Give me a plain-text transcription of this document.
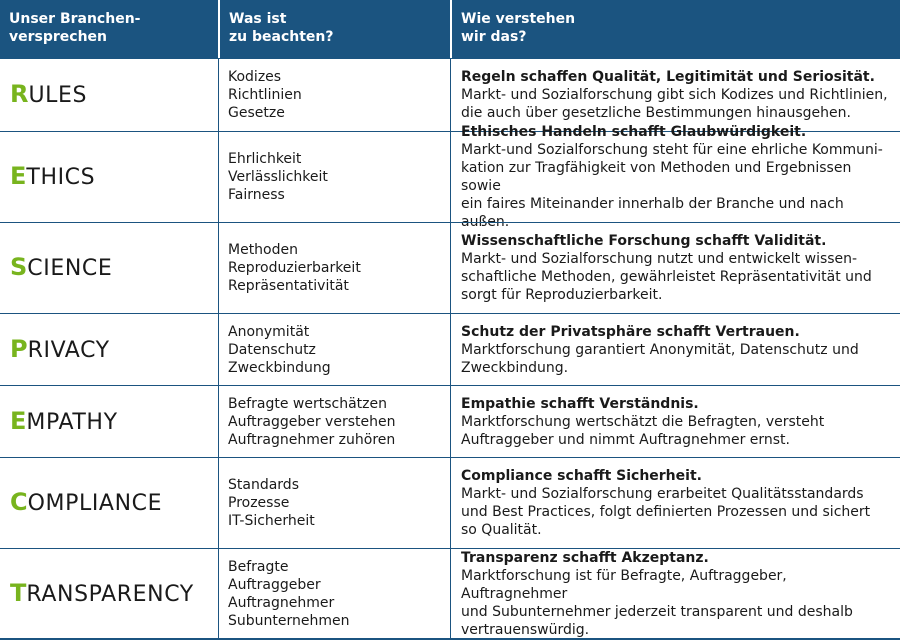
Unser Branchen-
versprechen
Was ist
zu beachten?
Wie verstehen
wir das?
RULES
Kodizes
Richtlinien
Gesetze
Regeln schaffen Qualität, Legitimität und Seriosität.
Markt- und Sozialforschung gibt sich Kodizes und Richtlinien,
die auch über gesetzliche Bestimmungen hinausgehen.
ETHICS
Ehrlichkeit
Verlässlichkeit
Fairness
Ethisches Handeln schafft Glaubwürdigkeit.
Markt-und Sozialforschung steht für eine ehrliche Kommuni-
kation zur Tragfähigkeit von Methoden und Ergebnissen sowie
ein faires Miteinander innerhalb der Branche und nach außen.
SCIENCE
Methoden
Reproduzierbarkeit
Repräsentativität
Wissenschaftliche Forschung schafft Validität.
Markt- und Sozialforschung nutzt und entwickelt wissen-
schaftliche Methoden, gewährleistet Repräsentativität und
sorgt für Reproduzierbarkeit.
PRIVACY
Anonymität
Datenschutz
Zweckbindung
Schutz der Privatsphäre schafft Vertrauen.
Marktforschung garantiert Anonymität, Datenschutz und
Zweckbindung.
EMPATHY
Befragte wertschätzen
Auftraggeber verstehen
Auftragnehmer zuhören
Empathie schafft Verständnis.
Marktforschung wertschätzt die Befragten, versteht
Auftraggeber und nimmt Auftragnehmer ernst.
COMPLIANCE
Standards
Prozesse
IT-Sicherheit
Compliance schafft Sicherheit.
Markt- und Sozialforschung erarbeitet Qualitätsstandards
und Best Practices, folgt definierten Prozessen und sichert
so Qualität.
TRANSPARENCY
Befragte
Auftraggeber
Auftragnehmer
Subunternehmen
Transparenz schafft Akzeptanz.
Marktforschung ist für Befragte, Auftraggeber, Auftragnehmer
und Subunternehmer jederzeit transparent und deshalb
vertrauenswürdig.
